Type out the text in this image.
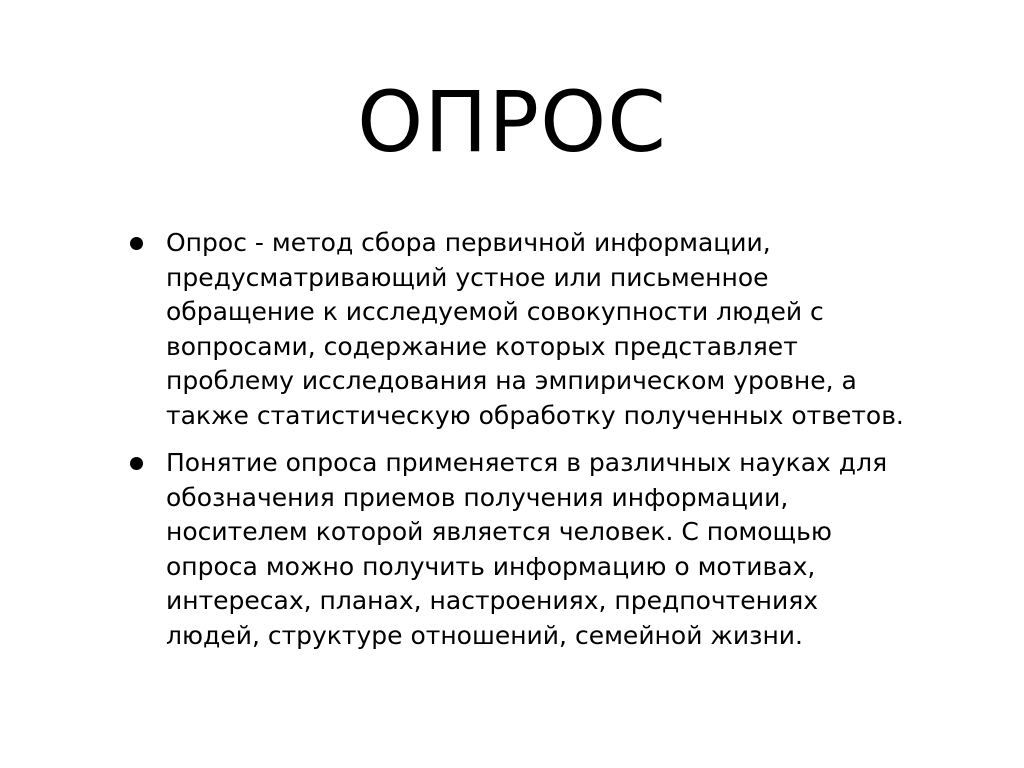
ОПРОС
Опрос - метод сбора первичной информации, предусматривающий устное или письменное обращение к исследуемой совокупности людей с вопросами, содержание которых представляет проблему исследования на эмпирическом уровне, а также статистическую обработку полученных ответов.
Понятие опроса применяется в различных науках для обозначения приемов получения информации, носителем которой является человек. С помощью опроса можно получить информацию о мотивах, интересах, планах, настроениях, предпочтениях людей, структуре отношений, семейной жизни.
